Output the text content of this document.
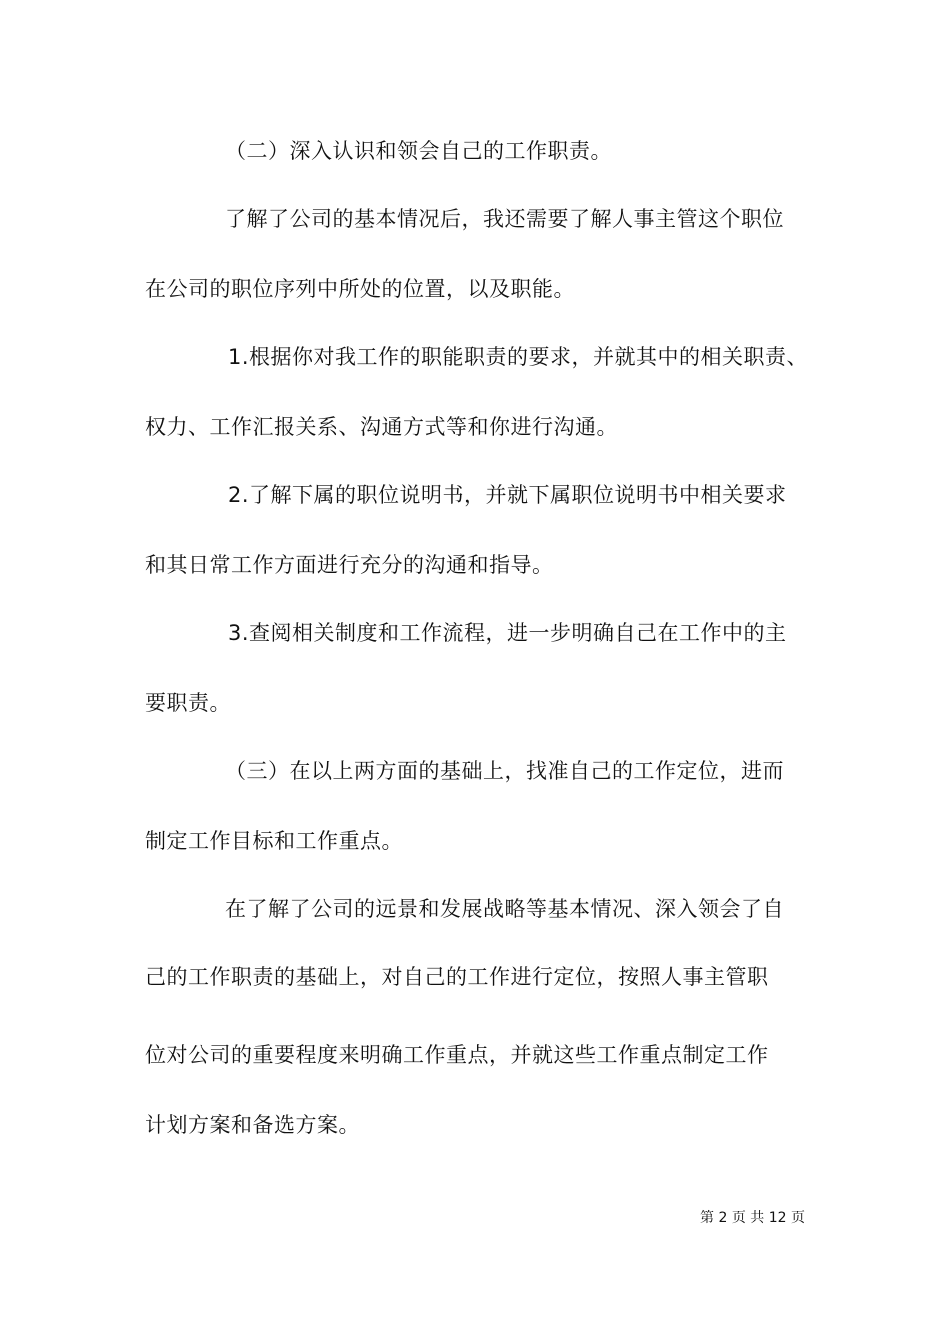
（二）深入认识和领会自己的工作职责。
了解了公司的基本情况后，我还需要了解人事主管这个职位
在公司的职位序列中所处的位置，以及职能。
1.根据你对我工作的职能职责的要求，并就其中的相关职责、
权力、工作汇报关系、沟通方式等和你进行沟通。
2.了解下属的职位说明书，并就下属职位说明书中相关要求
和其日常工作方面进行充分的沟通和指导。
3.查阅相关制度和工作流程，进一步明确自己在工作中的主
要职责。
（三）在以上两方面的基础上，找准自己的工作定位，进而
制定工作目标和工作重点。
在了解了公司的远景和发展战略等基本情况、深入领会了自
己的工作职责的基础上，对自己的工作进行定位，按照人事主管职
位对公司的重要程度来明确工作重点，并就这些工作重点制定工作
计划方案和备选方案。
第 2 页 共 12 页
